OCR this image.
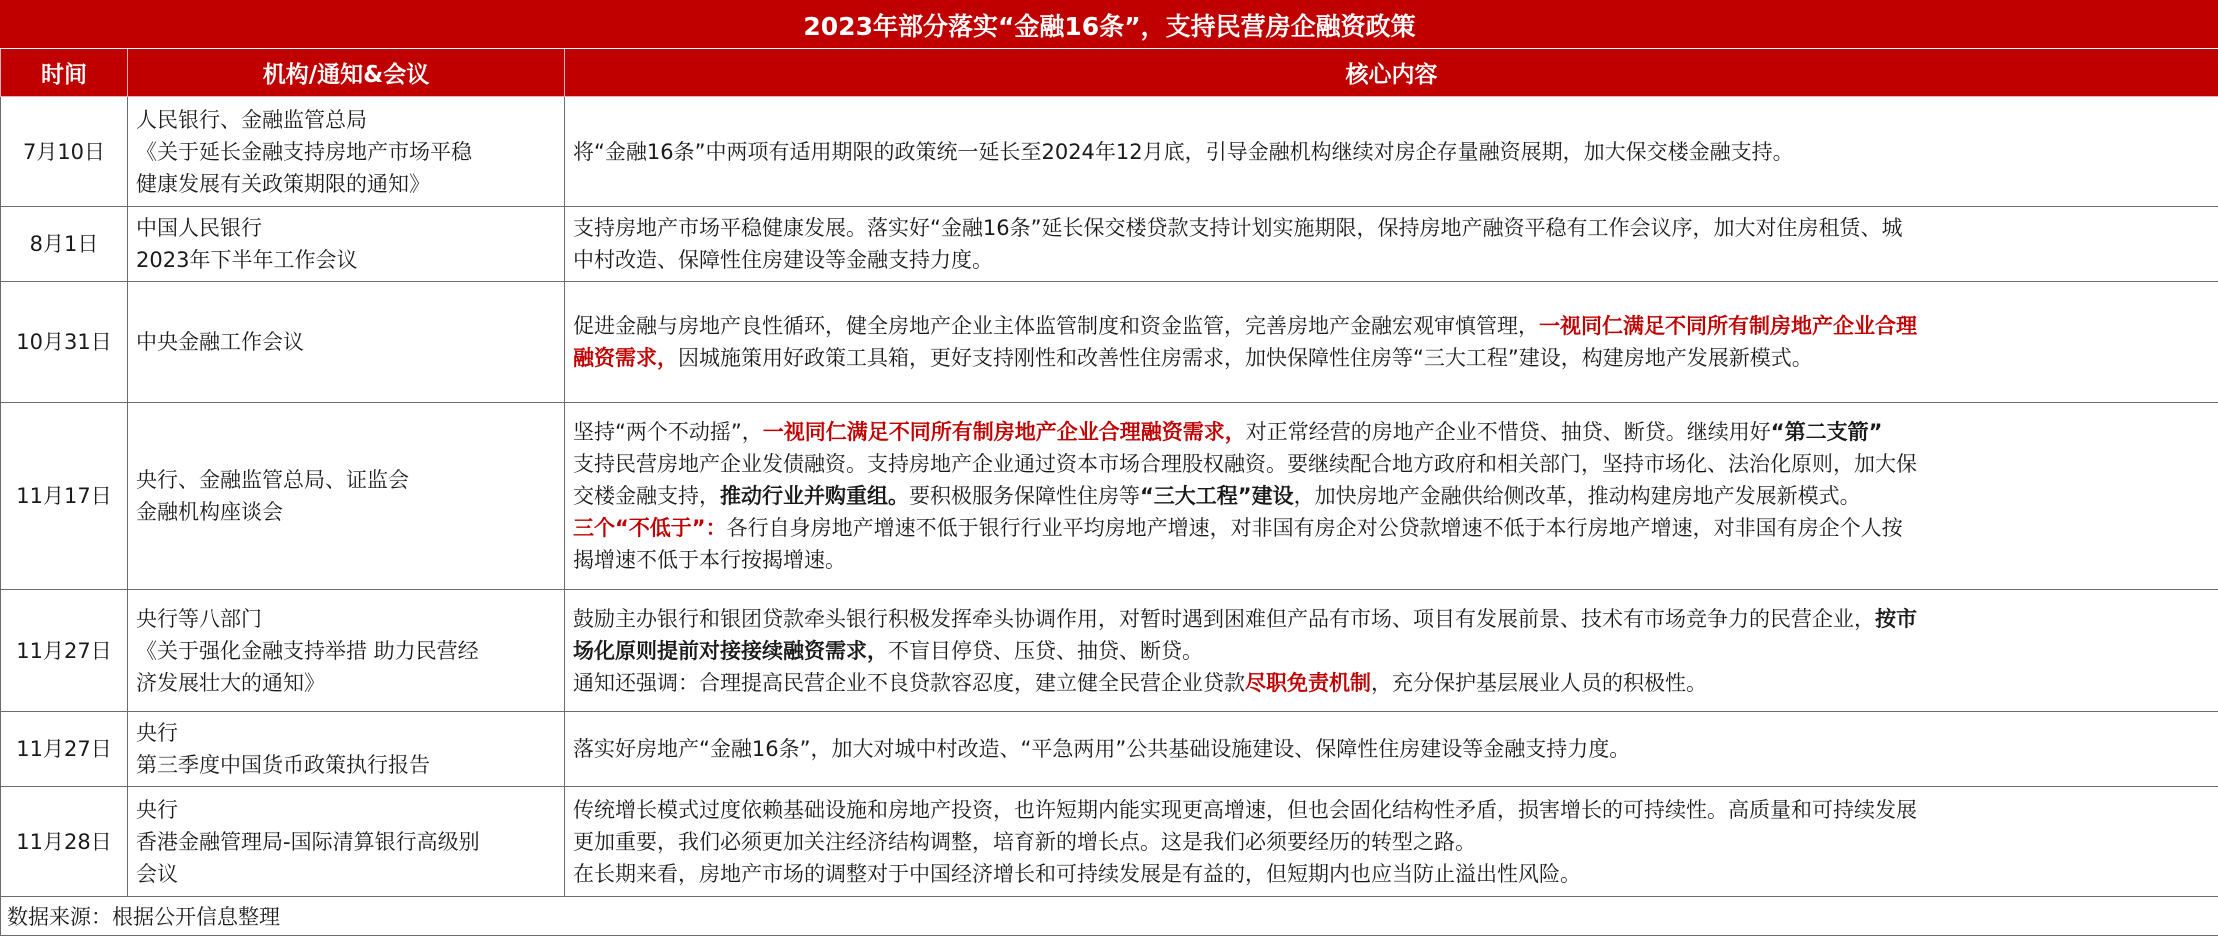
2023年部分落实“金融16条”，支持民营房企融资政策		
时间	机构/通知&会议	核心内容
7月10日	人民银行、金融监管总局
《关于延长金融支持房地产市场平稳
健康发展有关政策期限的通知》	将“金融16条”中两项有适用期限的政策统一延长至2024年12月底，引导金融机构继续对房企存量融资展期，加大保交楼金融支持。

8月1日	中国人民银行
2023年下半年工作会议	支持房地产市场平稳健康发展。落实好“金融16条”延长保交楼贷款支持计划实施期限，保持房地产融资平稳有工作会议序，加大对住房租赁、城
中村改造、保障性住房建设等金融支持力度。

10月31日	中央金融工作会议	促进金融与房地产良性循环，健全房地产企业主体监管制度和资金监管，完善房地产金融宏观审慎管理，一视同仁满足不同所有制房地产企业合理
融资需求，因城施策用好政策工具箱，更好支持刚性和改善性住房需求，加快保障性住房等“三大工程”建设，构建房地产发展新模式。

11月17日	央行、金融监管总局、证监会
金融机构座谈会	坚持“两个不动摇”，一视同仁满足不同所有制房地产企业合理融资需求，对正常经营的房地产企业不惜贷、抽贷、断贷。继续用好“第二支箭”
支持民营房地产企业发债融资。支持房地产企业通过资本市场合理股权融资。要继续配合地方政府和相关部门，坚持市场化、法治化原则，加大保
交楼金融支持，推动行业并购重组。要积极服务保障性住房等“三大工程”建设，加快房地产金融供给侧改革，推动构建房地产发展新模式。
三个“不低于”：各行自身房地产增速不低于银行行业平均房地产增速，对非国有房企对公贷款增速不低于本行房地产增速，对非国有房企个人按
揭增速不低于本行按揭增速。

11月27日	央行等八部门
《关于强化金融支持举措 助力民营经
济发展壮大的通知》	鼓励主办银行和银团贷款牵头银行积极发挥牵头协调作用，对暂时遇到困难但产品有市场、项目有发展前景、技术有市场竞争力的民营企业，按市
场化原则提前对接接续融资需求，不盲目停贷、压贷、抽贷、断贷。
通知还强调：合理提高民营企业不良贷款容忍度，建立健全民营企业贷款尽职免责机制，充分保护基层展业人员的积极性。

11月27日	央行
第三季度中国货币政策执行报告	落实好房地产“金融16条”，加大对城中村改造、“平急两用”公共基础设施建设、保障性住房建设等金融支持力度。

11月28日	央行
香港金融管理局-国际清算银行高级别
会议	传统增长模式过度依赖基础设施和房地产投资，也许短期内能实现更高增速，但也会固化结构性矛盾，损害增长的可持续性。高质量和可持续发展
更加重要，我们必须更加关注经济结构调整，培育新的增长点。这是我们必须要经历的转型之路。
在长期来看，房地产市场的调整对于中国经济增长和可持续发展是有益的，但短期内也应当防止溢出性风险。

数据来源：根据公开信息整理		
